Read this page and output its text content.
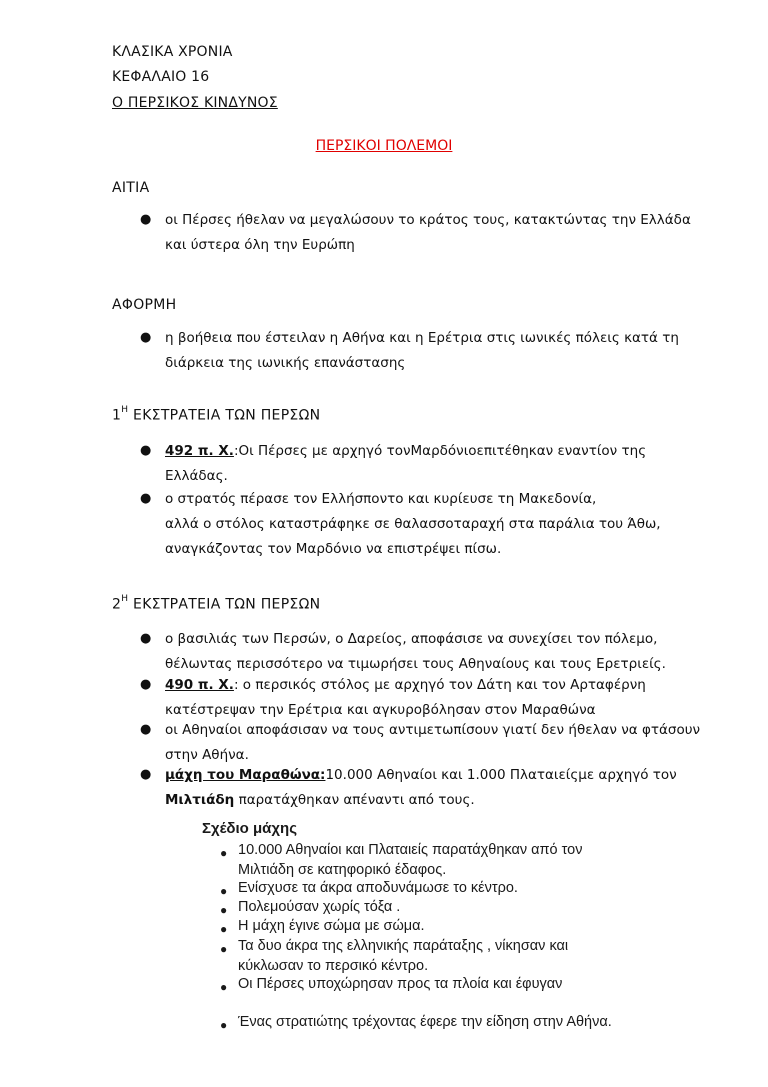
ΚΛΑΣΙΚΑ ΧΡΟΝΙΑ
ΚΕΦΑΛΑΙΟ 16
Ο ΠΕΡΣΙΚΟΣ ΚΙΝΔΥΝΟΣ
ΠΕΡΣΙΚΟΙ ΠΟΛΕΜΟΙ
ΑΙΤΙΑ
● οι Πέρσες ήθελαν να μεγαλώσουν το κράτος τους, κατακτώντας την Ελλάδα
και ύστερα όλη την Ευρώπη
ΑΦΟΡΜΗ
● η βοήθεια που έστειλαν η Αθήνα και η Ερέτρια στις ιωνικές πόλεις κατά τη
διάρκεια της ιωνικής επανάστασης
$1^H$ ΕΚΣΤΡΑΤΕΙΑ ΤΩΝ ΠΕΡΣΩΝ
● 492 π. Χ.:Οι Πέρσες με αρχηγό τονΜαρδόνιοεπιτέθηκαν εναντίον της
Ελλάδας.
● ο στρατός πέρασε τον Ελλήσποντο και κυρίευσε τη Μακεδονία,
αλλά ο στόλος καταστράφηκε σε θαλασσοταραχή στα παράλια του Άθω,
αναγκάζοντας τον Μαρδόνιο να επιστρέψει πίσω.
$2^H$ ΕΚΣΤΡΑΤΕΙΑ ΤΩΝ ΠΕΡΣΩΝ
● ο βασιλιάς των Περσών, ο Δαρείος, αποφάσισε να συνεχίσει τον πόλεμο,
θέλωντας περισσότερο να τιμωρήσει τους Αθηναίους και τους Ερετριείς.
● 490 π. Χ.: ο περσικός στόλος με αρχηγό τον Δάτη και τον Αρταφέρνη
κατέστρεψαν την Ερέτρια και αγκυροβόλησαν στον Μαραθώνα
● οι Αθηναίοι αποφάσισαν να τους αντιμετωπίσουν γιατί δεν ήθελαν να φτάσουν
στην Αθήνα.
● μάχη του Μαραθώνα:10.000 Αθηναίοι και 1.000 Πλαταιείςμε αρχηγό τον
Μιλτιάδη παρατάχθηκαν απέναντι από τους.
Σχέδιο μάχης
● 10.000 Αθηναίοι και Πλαταιείς παρατάχθηκαν από τον
Μιλτιάδη σε κατηφορικό έδαφος.
● Ενίσχυσε τα άκρα αποδυνάμωσε το κέντρο.
● Πολεμούσαν χωρίς τόξα .
● Η μάχη έγινε σώμα με σώμα.
● Τα δυο άκρα της ελληνικής παράταξης , νίκησαν και
κύκλωσαν το περσικό κέντρο.
● Οι Πέρσες υποχώρησαν προς τα πλοία και έφυγαν
● Ένας στρατιώτης τρέχοντας έφερε την είδηση στην Αθήνα.
